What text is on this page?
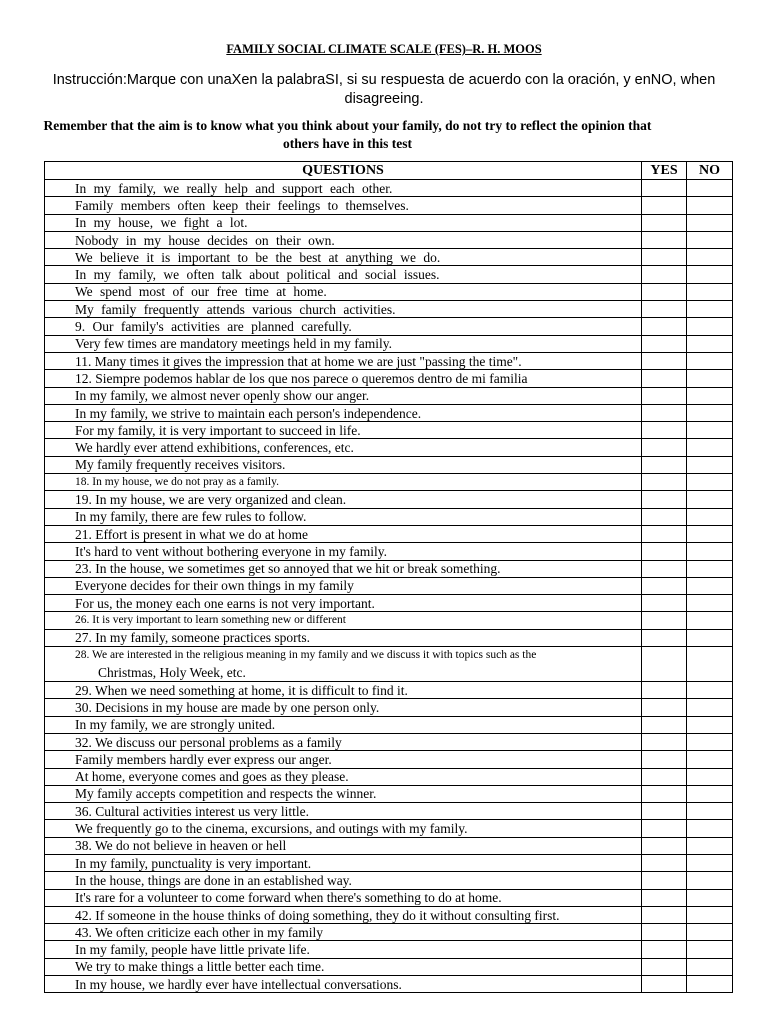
FAMILY SOCIAL CLIMATE SCALE (FES)–R. H. MOOS
Instrucción:Marque con unaXen la palabraSI, si su respuesta de acuerdo con la oración, y enNO, when disagreeing.
Remember that the aim is to know what you think about your family, do not try to reflect the opinion that others have in this test
QUESTIONS	YES	NO
In my family, we really help and support each other.		
Family members often keep their feelings to themselves.		
In my house, we fight a lot.		
Nobody in my house decides on their own.		
We believe it is important to be the best at anything we do.		
In my family, we often talk about political and social issues.		
We spend most of our free time at home.		
My family frequently attends various church activities.		
9. Our family's activities are planned carefully.		
Very few times are mandatory meetings held in my family.		
11. Many times it gives the impression that at home we are just "passing the time".		
12. Siempre podemos hablar de los que nos parece o queremos dentro de mi familia		
In my family, we almost never openly show our anger.		
In my family, we strive to maintain each person's independence.		
For my family, it is very important to succeed in life.		
We hardly ever attend exhibitions, conferences, etc.		
My family frequently receives visitors.		
18. In my house, we do not pray as a family.		
19. In my house, we are very organized and clean.		
In my family, there are few rules to follow.		
21. Effort is present in what we do at home		
It's hard to vent without bothering everyone in my family.		
23. In the house, we sometimes get so annoyed that we hit or break something.		
Everyone decides for their own things in my family		
For us, the money each one earns is not very important.		
26. It is very important to learn something new or different		
27. In my family, someone practices sports.		

28. We are interested in the religious meaning in my family and we discuss it with topics such as the
Christmas, Holy Week, etc.		

29. When we need something at home, it is difficult to find it.		
30. Decisions in my house are made by one person only.		
In my family, we are strongly united.		
32. We discuss our personal problems as a family		
Family members hardly ever express our anger.		
At home, everyone comes and goes as they please.		
My family accepts competition and respects the winner.		
36. Cultural activities interest us very little.		
We frequently go to the cinema, excursions, and outings with my family.		
38. We do not believe in heaven or hell		
In my family, punctuality is very important.		
In the house, things are done in an established way.		
It's rare for a volunteer to come forward when there's something to do at home.		
42. If someone in the house thinks of doing something, they do it without consulting first.		
43. We often criticize each other in my family		
In my family, people have little private life.		
We try to make things a little better each time.		
In my house, we hardly ever have intellectual conversations.		
